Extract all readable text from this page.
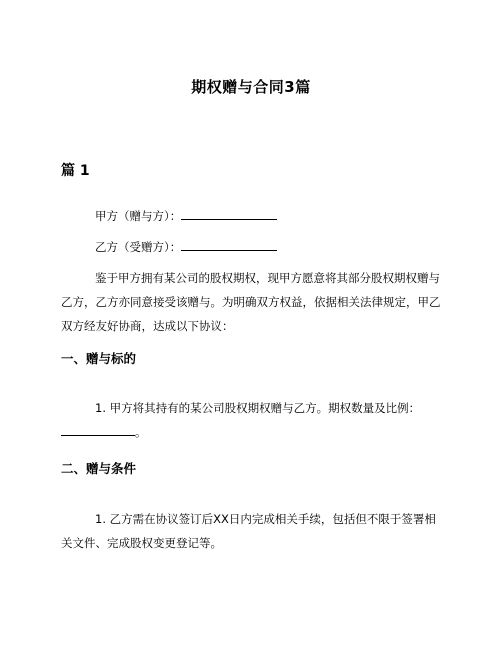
期权赠与合同3篇
篇 1
甲方（赠与方）：
乙方（受赠方）：

鉴于甲方拥有某公司的股权期权，现甲方愿意将其部分股权期权赠与乙方，乙方亦同意接受该赠与。为明确双方权益，依据相关法律规定，甲乙双方经友好协商，达成以下协议：

一、赠与标的

1. 甲方将其持有的某公司股权期权赠与乙方。期权数量及比例：。

二、赠与条件

1. 乙方需在协议签订后XX日内完成相关手续，包括但不限于签署相关文件、完成股权变更登记等。
